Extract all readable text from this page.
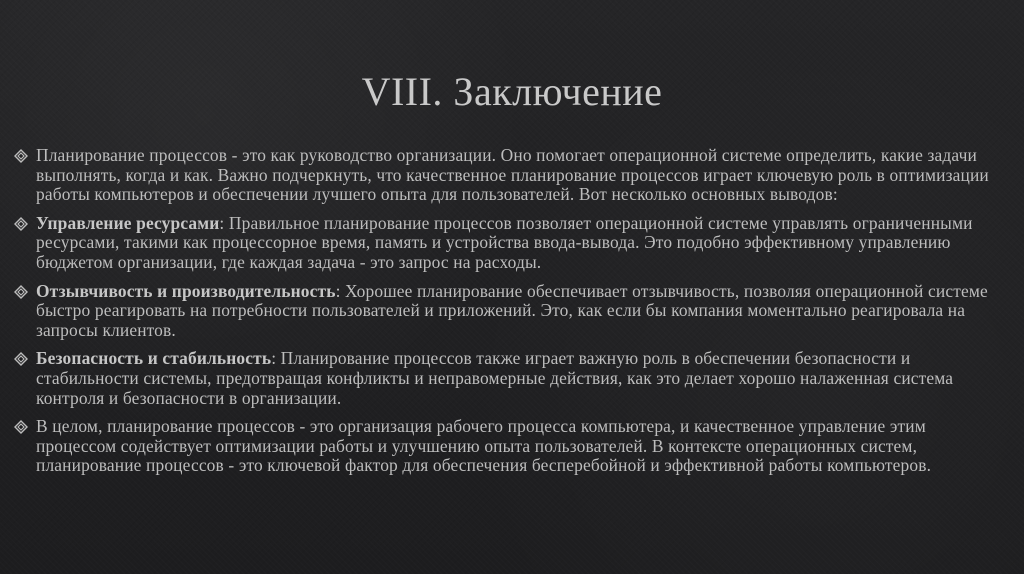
VIII. Заключение
Планирование процессов - это как руководство организации. Оно помогает операционной системе определить, какие задачи выполнять, когда и как. Важно подчеркнуть, что качественное планирование процессов играет ключевую роль в оптимизации работы компьютеров и обеспечении лучшего опыта для пользователей. Вот несколько основных выводов:
Управление ресурсами: Правильное планирование процессов позволяет операционной системе управлять ограниченными ресурсами, такими как процессорное время, память и устройства ввода-вывода. Это подобно эффективному управлению бюджетом организации, где каждая задача - это запрос на расходы.
Отзывчивость и производительность: Хорошее планирование обеспечивает отзывчивость, позволяя операционной системе быстро реагировать на потребности пользователей и приложений. Это, как если бы компания моментально реагировала на запросы клиентов.
Безопасность и стабильность: Планирование процессов также играет важную роль в обеспечении безопасности и стабильности системы, предотвращая конфликты и неправомерные действия, как это делает хорошо налаженная система контроля и безопасности в организации.
В целом, планирование процессов - это организация рабочего процесса компьютера, и качественное управление этим процессом содействует оптимизации работы и улучшению опыта пользователей. В контексте операционных систем, планирование процессов - это ключевой фактор для обеспечения бесперебойной и эффективной работы компьютеров.
